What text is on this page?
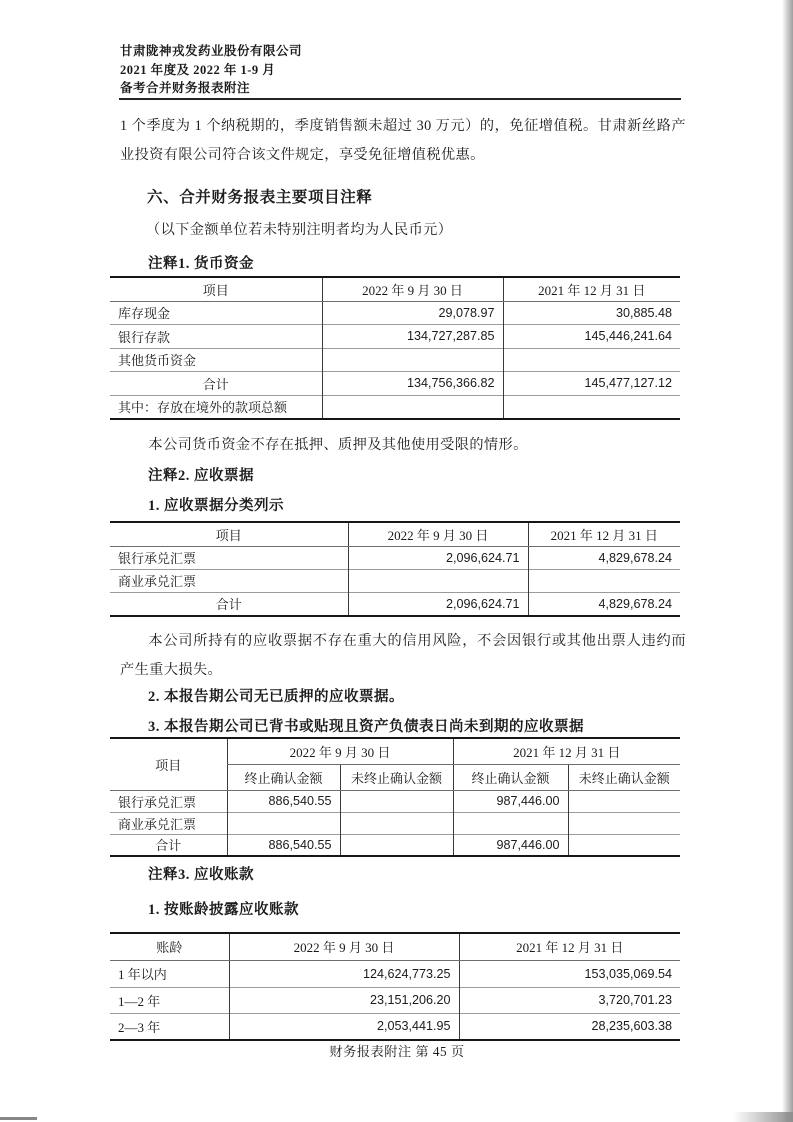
甘肃陇神戎发药业股份有限公司
2021 年度及 2022 年 1-9 月
备考合并财务报表附注
1 个季度为 1 个纳税期的，季度销售额未超过 30 万元）的，免征增值税。甘肃新丝路产业投资有限公司符合该文件规定，享受免征增值税优惠。
六、合并财务报表主要项目注释
（以下金额单位若未特别注明者均为人民币元）
注释1. 货币资金
项目	2022 年 9 月 30 日	2021 年 12 月 31 日
库存现金	29,078.97	30,885.48
银行存款	134,727,287.85	145,446,241.64
其他货币资金		
合计	134,756,366.82	145,477,127.12
其中：存放在境外的款项总额		
本公司货币资金不存在抵押、质押及其他使用受限的情形。
注释2. 应收票据
1. 应收票据分类列示
项目	2022 年 9 月 30 日	2021 年 12 月 31 日
银行承兑汇票	2,096,624.71	4,829,678.24
商业承兑汇票		
合计	2,096,624.71	4,829,678.24
本公司所持有的应收票据不存在重大的信用风险，不会因银行或其他出票人违约而产生重大损失。
2. 本报告期公司无已质押的应收票据。
3. 本报告期公司已背书或贴现且资产负债表日尚未到期的应收票据
项目	2022 年 9 月 30 日		2021 年 12 月 31 日	
	终止确认金额	未终止确认金额	终止确认金额	未终止确认金额
银行承兑汇票	886,540.55		987,446.00	
商业承兑汇票				
合计	886,540.55		987,446.00	
注释3. 应收账款
1. 按账龄披露应收账款
账龄	2022 年 9 月 30 日	2021 年 12 月 31 日
1 年以内	124,624,773.25	153,035,069.54
1—2 年	23,151,206.20	3,720,701.23
2—3 年	2,053,441.95	28,235,603.38
财务报表附注 第 45 页
